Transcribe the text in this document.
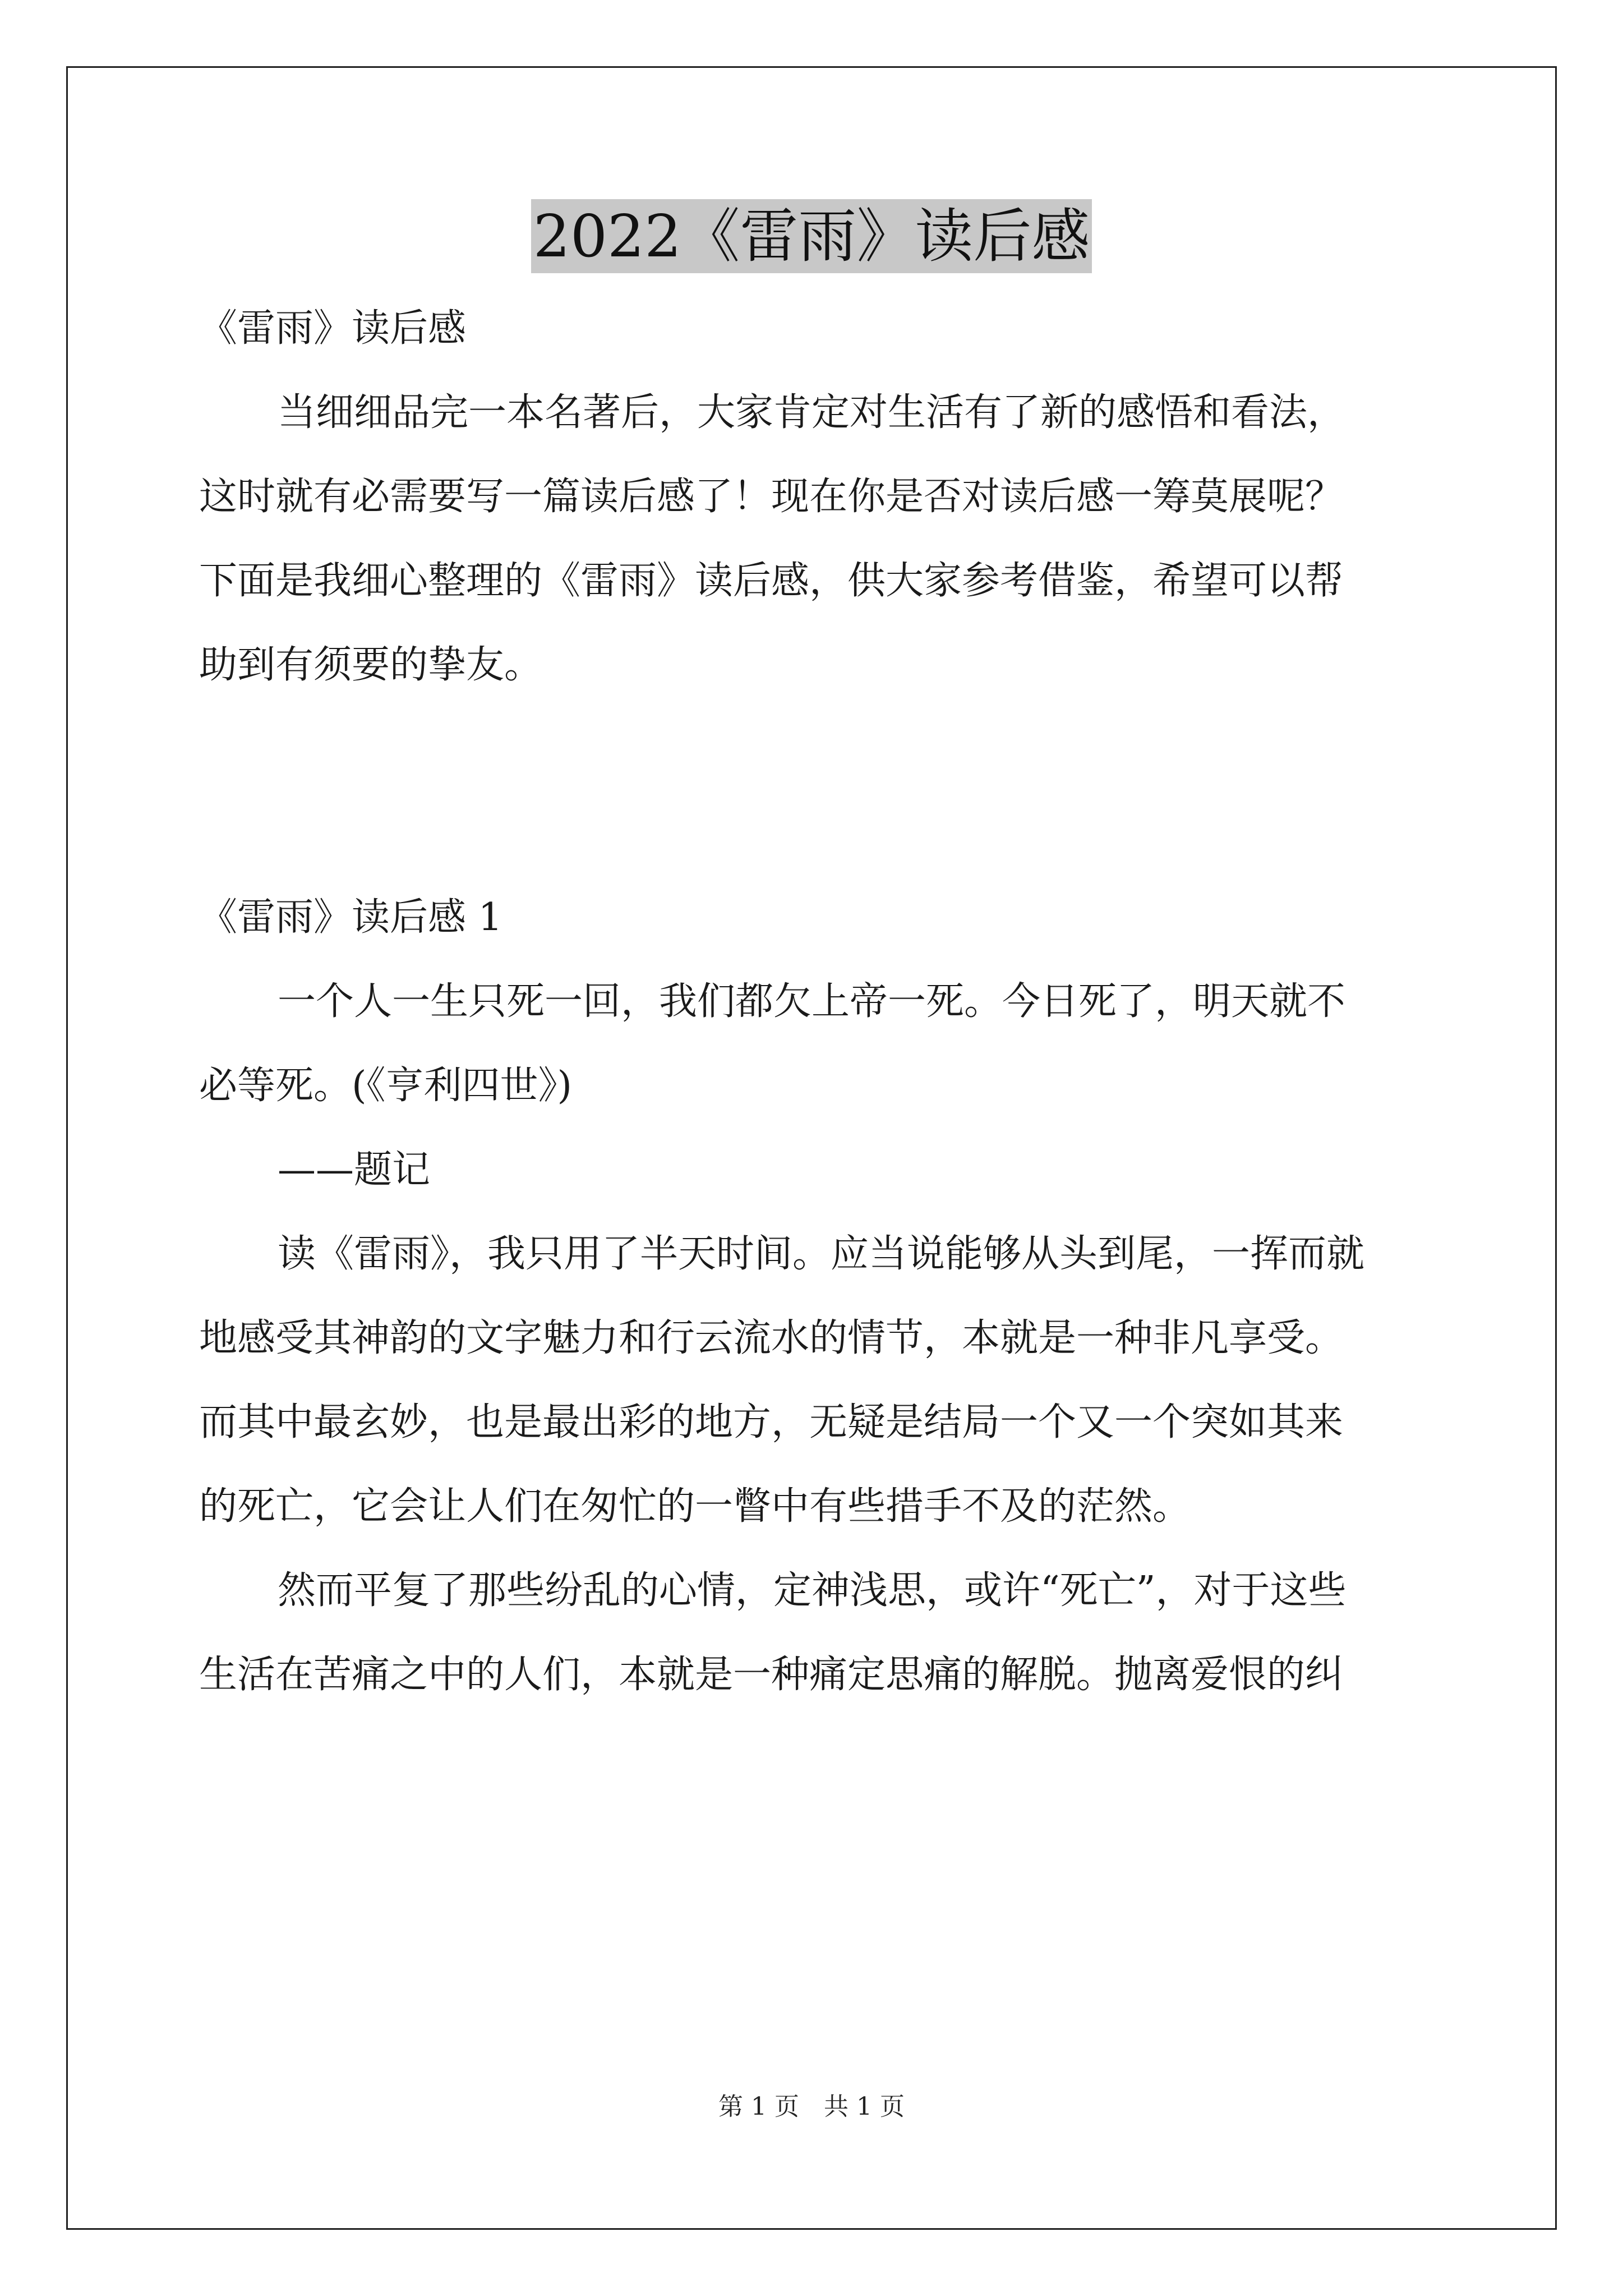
2022《雷雨》读后感
《雷雨》读后感
当细细品完一本名著后，大家肯定对生活有了新的感悟和看法，
这时就有必需要写一篇读后感了！现在你是否对读后感一筹莫展呢？
下面是我细心整理的《雷雨》读后感，供大家参考借鉴，希望可以帮
助到有须要的挚友。
《雷雨》读后感 1
一个人一生只死一回，我们都欠上帝一死。今日死了，明天就不
必等死。(《亨利四世》)
——题记
读《雷雨》，我只用了半天时间。应当说能够从头到尾，一挥而就
地感受其神韵的文字魅力和行云流水的情节，本就是一种非凡享受。
而其中最玄妙，也是最出彩的地方，无疑是结局一个又一个突如其来
的死亡，它会让人们在匆忙的一瞥中有些措手不及的茫然。
然而平复了那些纷乱的心情，定神浅思，或许“死亡”，对于这些
生活在苦痛之中的人们，本就是一种痛定思痛的解脱。抛离爱恨的纠
第 1 页　共 1 页
